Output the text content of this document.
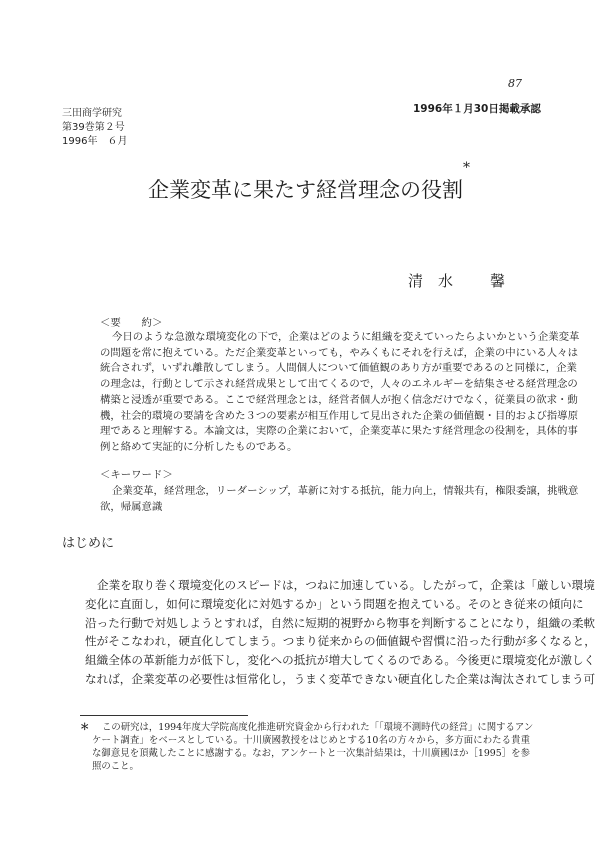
87
三田商学研究
第39巻第２号
1996年　６月
1996年１月30日掲載承認
企業変革に果たす経営理念の役割
*
清　水 馨
＜要　　約＞
今日のような急激な環境変化の下で，企業はどのように組織を変えていったらよいかという企業変革
の問題を常に抱えている。ただ企業変革といっても，やみくもにそれを行えば，企業の中にいる人々は
統合されず，いずれ離散してしまう。人間個人について価値観のあり方が重要であるのと同様に，企業
の理念は，行動として示され経営成果として出てくるので，人々のエネルギーを結集させる経営理念の
構築と浸透が重要である。ここで経営理念とは，経営者個人が抱く信念だけでなく，従業員の欲求・動
機，社会的環境の要請を含めた３つの要素が相互作用して見出された企業の価値観・目的および指導原
理であると理解する。本論文は，実際の企業において，企業変革に果たす経営理念の役割を，具体的事
例と絡めて実証的に分析したものである。
＜キーワード＞
企業変革，経営理念，リーダーシップ，革新に対する抵抗，能力向上，情報共有，権限委譲，挑戦意
欲，帰属意識
はじめに
企業を取り巻く環境変化のスピードは，つねに加速している。したがって，企業は「厳しい環境
変化に直面し，如何に環境変化に対処するか」という問題を抱えている。そのとき従来の傾向に
沿った行動で対処しようとすれば，自然に短期的視野から物事を判断することになり，組織の柔軟
性がそこなわれ，硬直化してしまう。つまり従来からの価値観や習慣に沿った行動が多くなると，
組織全体の革新能力が低下し，変化への抵抗が増大してくるのである。今後更に環境変化が激しく
なれば，企業変革の必要性は恒常化し，うまく変革できない硬直化した企業は淘汰されてしまう可
＊ この研究は，1994年度大学院高度化推進研究資金から行われた「「環境不測時代の経営」に関するアン
ケート調査」をベースとしている。十川廣國教授をはじめとする10名の方々から，多方面にわたる貴重
な御意見を頂戴したことに感謝する。なお，アンケートと一次集計結果は，十川廣國ほか［1995］を参
照のこと。
